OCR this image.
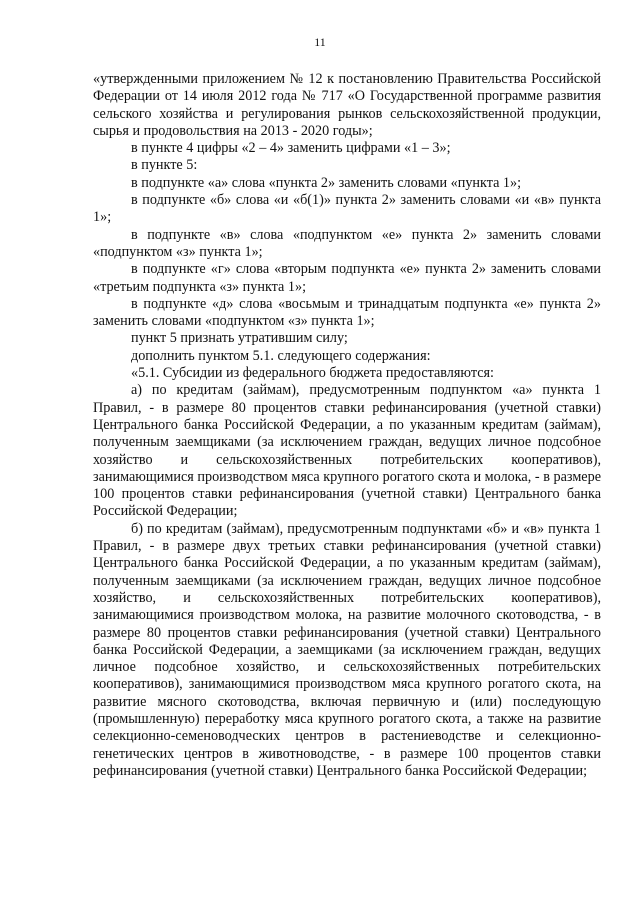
11

«утвержденными приложением № 12 к постановлению Правительства Российской Федерации от 14 июля 2012 года № 717 «О Государственной программе развития сельского хозяйства и регулирования рынков сельскохозяйственной продукции, сырья и продовольствия на 2013 - 2020 годы»;

в пункте 4 цифры «2 – 4» заменить цифрами «1 – 3»;

в пункте 5:

в подпункте «а» слова «пункта 2» заменить словами «пункта 1»;

в подпункте «б» слова «и «б(1)» пункта 2» заменить словами «и «в» пункта 1»;

в подпункте «в» слова «подпунктом «е» пункта 2» заменить словами «подпунктом «з» пункта 1»;

в подпункте «г» слова «вторым подпункта «е» пункта 2» заменить словами «третьим подпункта «з» пункта 1»;

в подпункте «д» слова «восьмым и тринадцатым подпункта «е» пункта 2» заменить словами «подпунктом «з» пункта 1»;

пункт 5 признать утратившим силу;

дополнить пунктом 5.1. следующего содержания:

«5.1. Субсидии из федерального бюджета предоставляются:

а) по кредитам (займам), предусмотренным подпунктом «а» пункта 1 Правил, - в размере 80 процентов ставки рефинансирования (учетной ставки) Центрального банка Российской Федерации, а по указанным кредитам (займам), полученным заемщиками (за исключением граждан, ведущих личное подсобное хозяйство и сельскохозяйственных потребительских кооперативов), занимающимися производством мяса крупного рогатого скота и молока, - в размере 100 процентов ставки рефинансирования (учетной ставки) Центрального банка Российской Федерации;

б) по кредитам (займам), предусмотренным подпунктами «б» и «в» пункта 1 Правил, - в размере двух третьих ставки рефинансирования (учетной ставки) Центрального банка Российской Федерации, а по указанным кредитам (займам), полученным заемщиками (за исключением граждан, ведущих личное подсобное хозяйство, и сельскохозяйственных потребительских кооперативов), занимающимися производством молока, на развитие молочного скотоводства, - в размере 80 процентов ставки рефинансирования (учетной ставки) Центрального банка Российской Федерации, а заемщиками (за исключением граждан, ведущих личное подсобное хозяйство, и сельскохозяйственных потребительских кооперативов), занимающимися производством мяса крупного рогатого скота, на развитие мясного скотоводства, включая первичную и (или) последующую (промышленную) переработку мяса крупного рогатого скота, а также на развитие селекционно-семеноводческих центров в растениеводстве и селекционно-генетических центров в животноводстве, - в размере 100 процентов ставки рефинансирования (учетной ставки) Центрального банка Российской Федерации;
